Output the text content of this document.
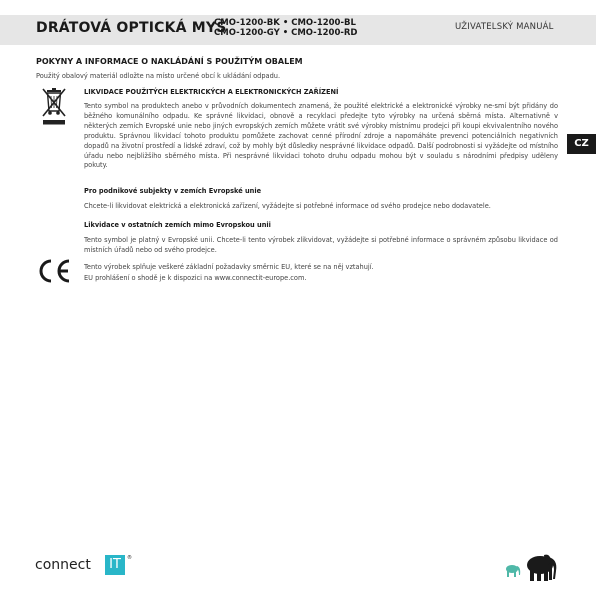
DRÁTOVÁ OPTICKÁ MYŠ
CMO-1200-BK • CMO-1200-BL
CMO-1200-GY • CMO-1200-RD
UŽIVATELSKÝ MANUÁL
POKYNY A INFORMACE O NAKLÁDÁNÍ S POUŽITÝM OBALEM
Použitý obalový materiál odložte na místo určené obcí k ukládání odpadu.
LIKVIDACE POUŽITÝCH ELEKTRICKÝCH A ELEKTRONICKÝCH ZAŘÍZENÍ

Tento symbol na produktech anebo v průvodních dokumentech znamená, že použité elektrické a elektronické výrobky ne-smí být přidány do běžného komunálního odpadu. Ke správné likvidaci, obnově a recyklaci předejte tyto výrobky na určená sběrná místa. Alternativně v některých zemích Evropské unie nebo jiných evropských zemích můžete vrátit své výrobky místnímu prodejci při koupi ekvivalentního nového produktu. Správnou likvidací tohoto produktu pomůžete zachovat cenné přírodní zdroje a napomáháte prevenci potenciálních negativních dopadů na životní prostředí a lidské zdraví, což by mohly být důsledky nesprávné likvidace odpadů. Další podrobnosti si vyžádejte od místního úřadu nebo nejbližšího sběrného místa. Při nesprávné likvidaci tohoto druhu odpadu mohou být v souladu s národními předpisy uděleny pokuty.

Pro podnikové subjekty v zemích Evropské unie

Chcete-li likvidovat elektrická a elektronická zařízení, vyžádejte si potřebné informace od svého prodejce nebo dodavatele.

Likvidace v ostatních zemích mimo Evropskou unii

Tento symbol je platný v Evropské unii. Chcete-li tento výrobek zlikvidovat, vyžádejte si potřebné informace o správném způsobu likvidace od místních úřadů nebo od svého prodejce.

Tento výrobek splňuje veškeré základní požadavky směrnic EU, které se na něj vztahují.

EU prohlášení o shodě je k dispozici na www.connectit-europe.com.

CZ
connect	IT	®
